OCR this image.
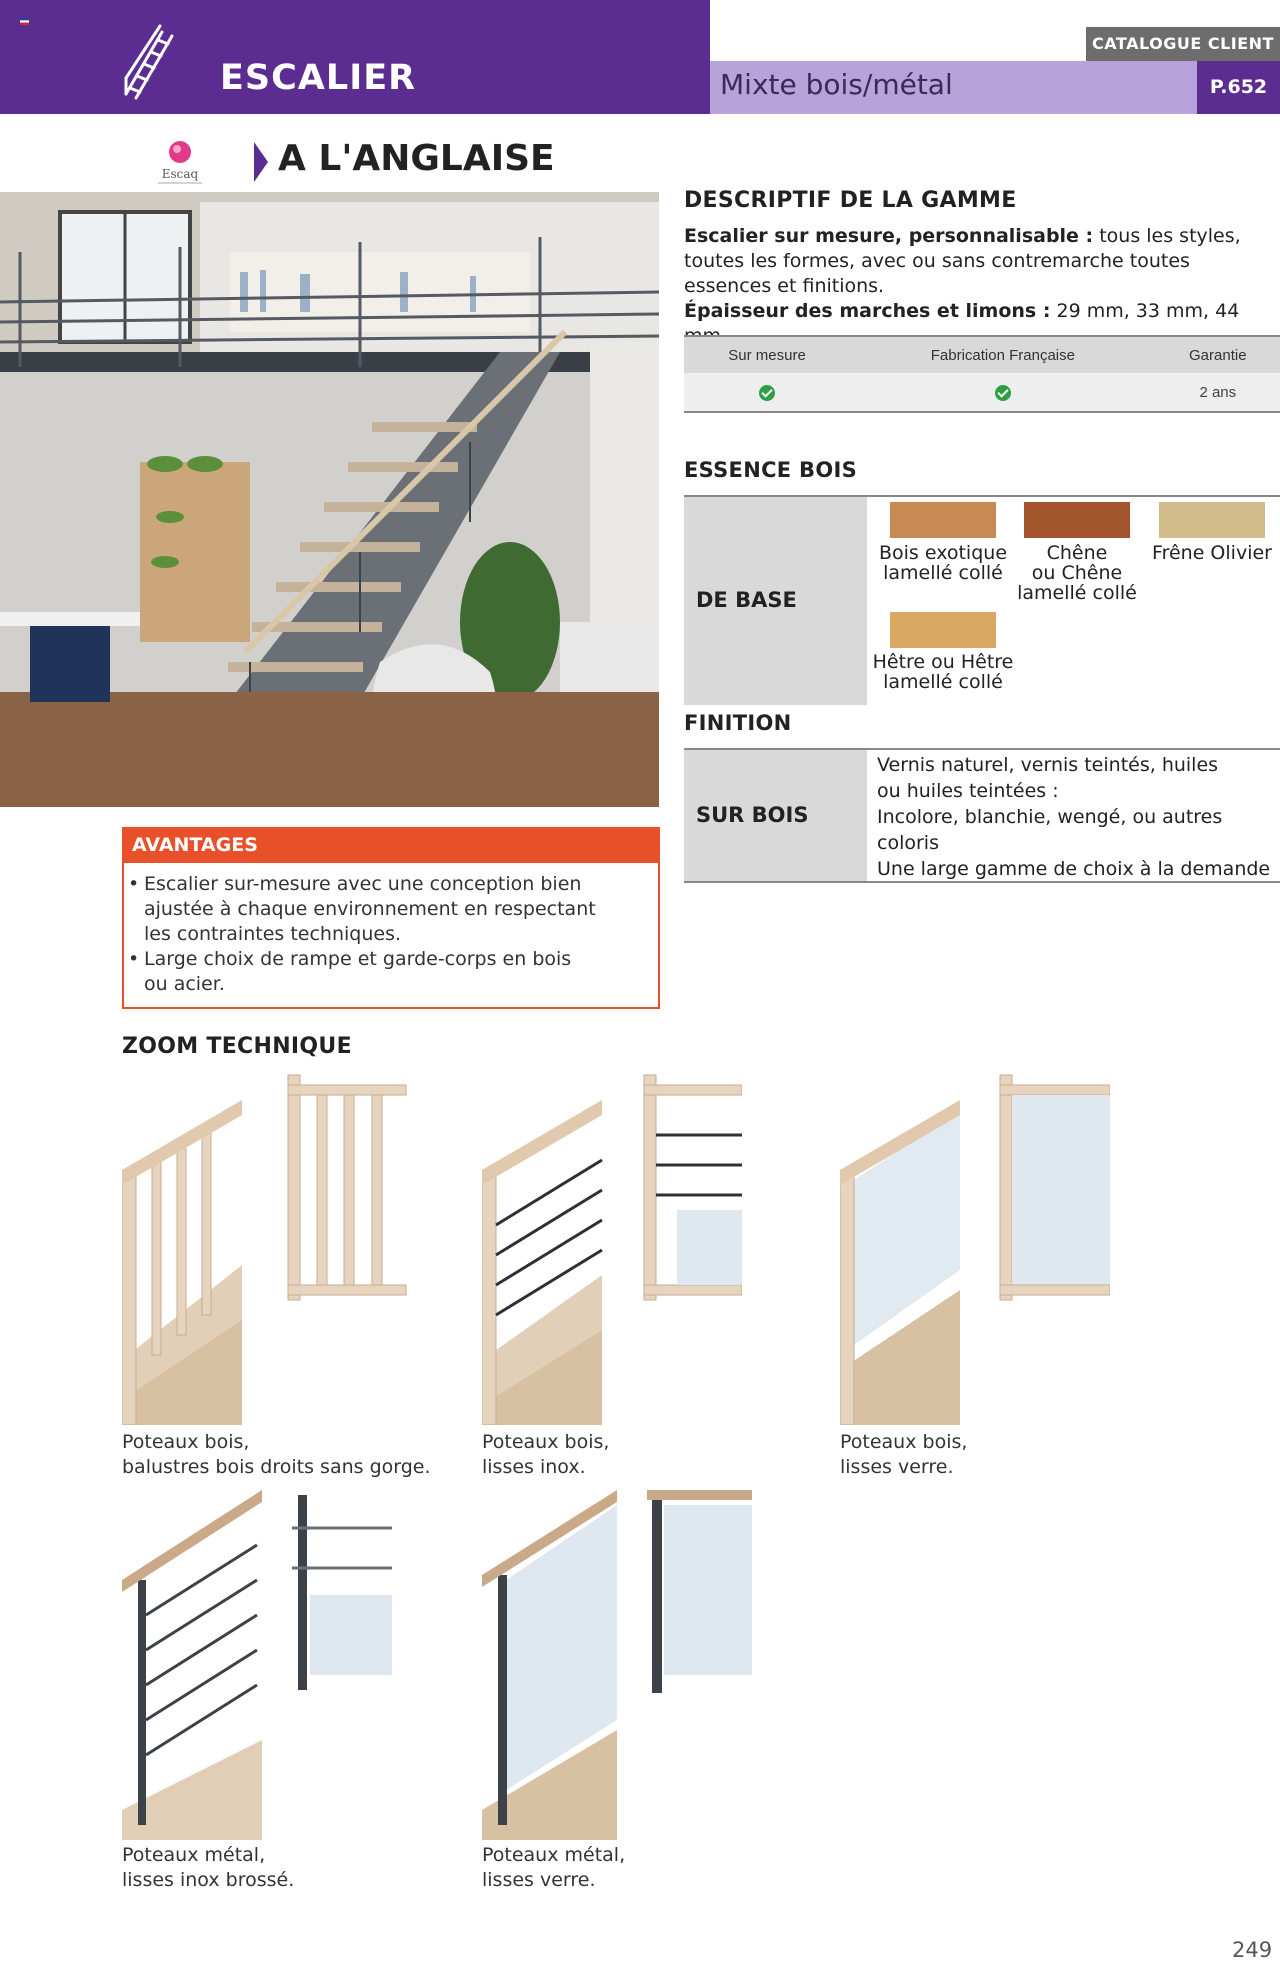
ESCALIER	Mixte bois/métal
CATALOGUE CLIENT
P.652
Escaq A L'ANGLAISE
DESCRIPTIF DE LA GAMME
Escalier sur mesure, personnalisable : tous les styles, toutes les formes, avec ou sans contremarche toutes essences et finitions.
Épaisseur des marches et limons : 29 mm, 33 mm, 44
Sur mesure	Fabrication Française	Garantie
		2 ans
ESSENCE BOIS
DE BASE
Bois exotique
lamellé collé
Chêne
ou Chêne
lamellé collé
Frêne Olivier
Hêtre ou Hêtre
lamellé collé
FINITION
SUR BOIS
Vernis naturel, vernis teintés, huiles
ou huiles teintées :
Incolore, blanchie, wengé, ou autres
coloris
Une large gamme de choix à la demande
AVANTAGES
• Escalier sur-mesure avec une conception bien
ajustée à chaque environnement en respectant
les contraintes techniques.
• Large choix de rampe et garde-corps en bois
ou acier.
ZOOM TECHNIQUE
Poteaux bois,
balustres bois droits sans gorge.
Poteaux bois,
lisses inox.
Poteaux bois,
lisses verre.
Poteaux métal,
lisses inox brossé.
Poteaux métal,
lisses verre.
249
